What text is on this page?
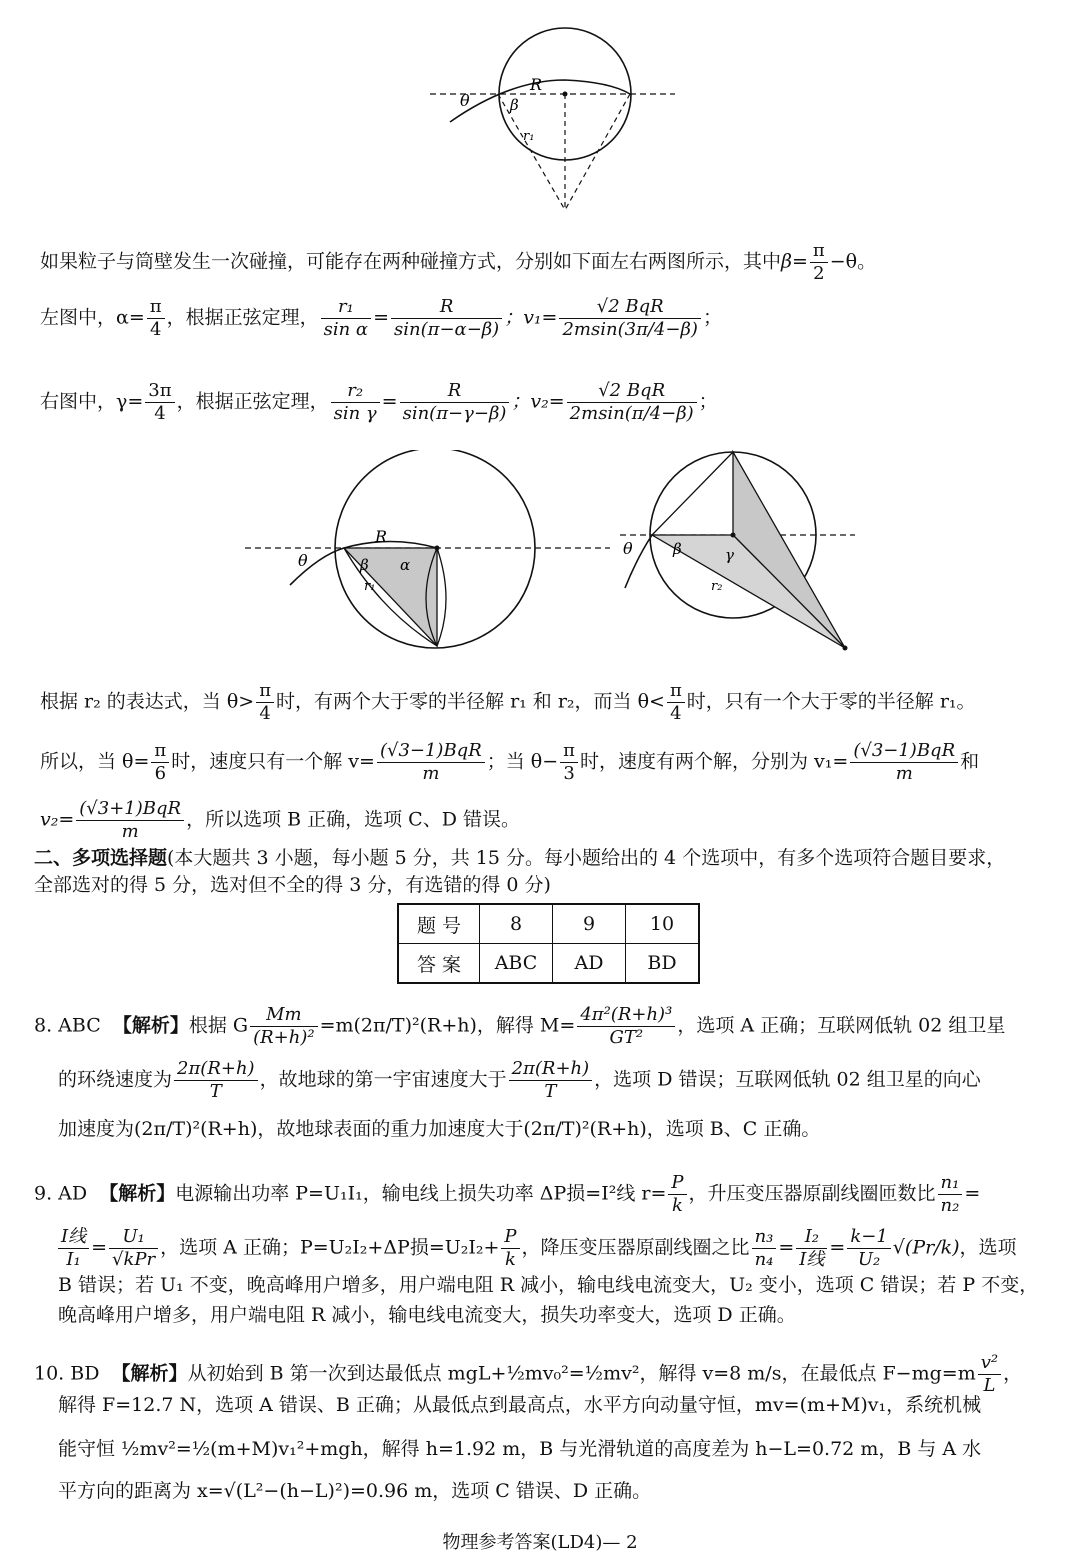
θ
R
β
r₁
如果粒子与筒壁发生一次碰撞，可能存在两种碰撞方式，分别如下面左右两图所示，其中$\beta= \frac{\pi}{2} -\theta$。
左图中，$\alpha= \frac{\pi}{4}$ ，根据正弦定理， $\frac{\text{r₁}}{\text{sin α}} = \frac{R}{\sin(\pi-\alpha-\beta)}$ ；$v_1= \frac{\text{√2 BqR}}{2msin(3\pi/4-\beta)}$ ；
右图中，$\gamma= \frac{3\pi}{4}$ ，根据正弦定理， $\frac{\text{r₂}}{\text{sin γ}} = \frac{R}{\sin(\pi-\gamma-\beta)}$ ；$v_2= \frac{\text{√2 BqR}}{2msin(\pi/4-\beta)}$ ；
θ
R
β α
r₁
θ	β	γ
r₂
根据 r₂ 的表达式，当 $\theta> \frac{\pi}{4}$ 时，有两个大于零的半径解 r₁ 和 r₂，而当 $\theta< \frac{\pi}{4}$ 时，只有一个大于零的半径解 r₁。
所以，当 $\theta= \frac{\pi}{6}$ 时，速度只有一个解 $v= \frac{\text{(√3−1)BqR}}{m}$ ；当 $\theta- \frac{\pi}{3}$ 时，速度有两个解，分别为 $v_1= \frac{\text{(√3−1)BqR}}{m}$ 和
$v_2= \frac{\text{(√3+1)BqR}}{m}$ ，所以选项 B 正确，选项 C、D 错误。
二、多项选择题(本大题共 3 小题，每小题 5 分，共 15 分。每小题给出的 4 个选项中，有多个选项符合题目要求，
全部选对的得 5 分，选对但不全的得 3 分，有选错的得 0 分)
题 号	8	9	10
答 案	ABC	AD	BD
8. ABC 【解析】根据 G $\frac{Mm}{\text{(R+h)²}} =m(2\pi/T)^2(R+h)$，解得 $M= \frac{\text{4π²(R+h)³}}{\text{GT²}}$ ，选项 A 正确；互联网低轨 02 组卫星
的环绕速度为 $\frac{2\pi(R+h)}{T}$ ，故地球的第一宇宙速度大于 $\frac{2\pi(R+h)}{T}$ ，选项 D 错误；互联网低轨 02 组卫星的向心
加速度为(2π/T)²(R+h)，故地球表面的重力加速度大于(2π/T)²(R+h)，选项 B、C 正确。
9. AD 【解析】电源输出功率 P=U₁I₁，输电线上损失功率 ΔP损=I²线 $r= \frac{P}{k}$ ，升压变压器原副线圈匝数比 $\frac{\text{n₁}}{\text{n₂}}$ =
$\frac{\text{I线}}{\text{I₁}} = \frac{\text{U₁}}{\text{√kPr}}$ ，选项 A 正确；P=U₂I₂+ΔP损$=U_2I_2+ \frac{P}{k}$ ，降压变压器原副线圈之比 $\frac{\text{n₃}}{\text{n₄}} = \frac{\text{I₂}}{\text{I线}} = \frac{k-1}{\text{U₂}} √(Pr/k)$，选项
B 错误；若 U₁ 不变，晚高峰用户增多，用户端电阻 R 减小，输电线电流变大，U₂ 变小，选项 C 错误；若 P 不变，
晚高峰用户增多，用户端电阻 R 减小，输电线电流变大，损失功率变大，选项 D 正确。
10. BD 【解析】从初始到 B 第一次到达最低点 mgL+½mv₀²=½mv²，解得 v=8 m/s，在最低点 $F-mg=m \frac{\text{v²}}{L}$ ，
解得 F=12.7 N，选项 A 错误、B 正确；从最低点到最高点，水平方向动量守恒，mv=(m+M)v₁，系统机械
能守恒 ½mv²=½(m+M)v₁²+mgh，解得 h=1.92 m，B 与光滑轨道的高度差为 h−L=0.72 m，B 与 A 水
平方向的距离为 x=√(L²−(h−L)²)=0.96 m，选项 C 错误、D 正确。
物理参考答案(LD4)— 2
